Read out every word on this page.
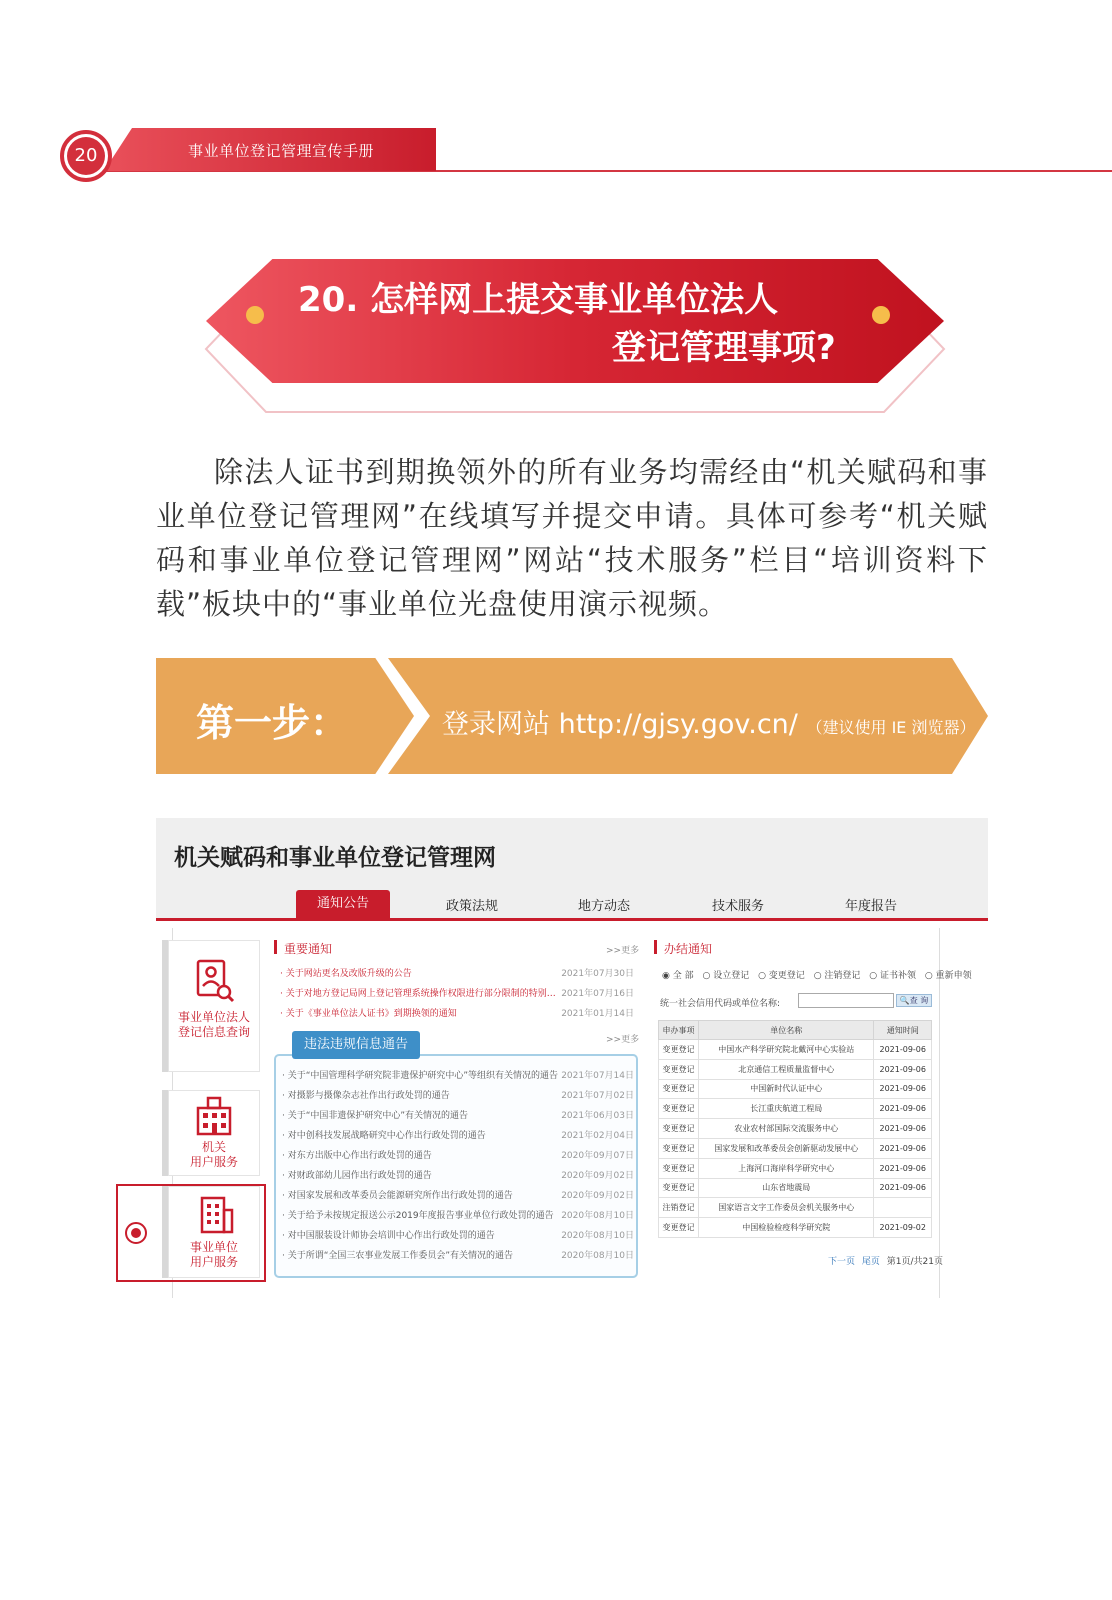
事业单位登记管理宣传手册
20
20. 怎样网上提交事业单位法人
登记管理事项?

除法人证书到期换领外的所有业务均需经由“机关赋码和事业单位登记管理网”在线填写并提交申请。具体可参考“机关赋码和事业单位登记管理网”网站“技术服务”栏目“培训资料下载”板块中的“事业单位光盘使用演示视频。

第一步：	登录网站 http://gjsy.gov.cn/ （建议使用 IE 浏览器）
机关赋码和事业单位登记管理网
通知公告	政策法规	地方动态	技术服务	年度报告
事业单位法人
登记信息查询
机关
用户服务
事业单位
用户服务
重要通知	>>更多
· 关于网站更名及改版升级的公告	2021年07月30日
· 关于对地方登记局网上登记管理系统操作权限进行部分限制的特别… 2021年07月16日
· 关于《事业单位法人证书》到期换领的通知	2021年01月14日
违法违规信息通告	>>更多
· 关于“中国管理科学研究院非遗保护研究中心”等组织有关情况的通告 2021年07月14日
· 对摄影与摄像杂志社作出行政处罚的通告	2021年07月02日
· 关于“中国非遗保护研究中心”有关情况的通告	2021年06月03日
· 对中创科技发展战略研究中心作出行政处罚的通告	2021年02月04日
· 对东方出版中心作出行政处罚的通告	2020年09月07日
· 对财政部幼儿园作出行政处罚的通告	2020年09月02日
· 对国家发展和改革委员会能源研究所作出行政处罚的通告	2020年09月02日
· 关于给予未按规定报送公示2019年度报告事业单位行政处罚的通告 2020年08月10日
· 对中国服装设计师协会培训中心作出行政处罚的通告	2020年08月10日
· 关于所谓“全国三农事业发展工作委员会”有关情况的通告	2020年08月10日
办结通知
◉ 全 部 ○ 设立登记 ○ 变更登记 ○ 注销登记 ○ 证书补领 ○ 重新申领
统一社会信用代码或单位名称:	🔍查 询
申办事项	单位名称	通知时间
变更登记	中国水产科学研究院北戴河中心实验站	2021-09-06
变更登记	北京通信工程质量监督中心	2021-09-06
变更登记	中国新时代认证中心	2021-09-06
变更登记	长江重庆航道工程局	2021-09-06
变更登记	农业农村部国际交流服务中心	2021-09-06
变更登记	国家发展和改革委员会创新驱动发展中心	2021-09-06
变更登记	上海河口海岸科学研究中心	2021-09-06
变更登记	山东省地震局	2021-09-06
注销登记	国家语言文字工作委员会机关服务中心	
变更登记	中国检验检疫科学研究院	2021-09-02
下一页 尾页 第1页/共21页
